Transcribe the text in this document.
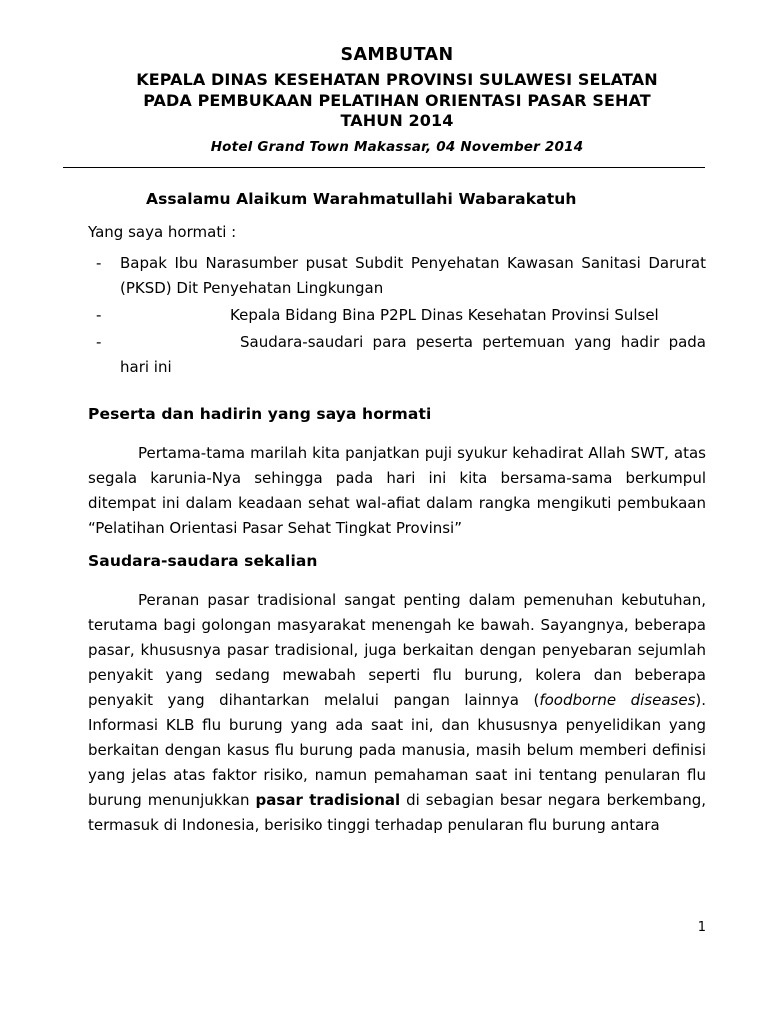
SAMBUTAN
KEPALA DINAS KESEHATAN PROVINSI SULAWESI SELATAN
PADA PEMBUKAAN PELATIHAN ORIENTASI PASAR SEHAT
TAHUN 2014
Hotel Grand Town Makassar, 04 November 2014
Assalamu Alaikum Warahmatullahi Wabarakatuh
Yang saya hormati :
- Bapak Ibu Narasumber pusat Subdit Penyehatan Kawasan Sanitasi Darurat (PKSD) Dit Penyehatan Lingkungan
-	Kepala Bidang Bina P2PL Dinas Kesehatan Provinsi Sulsel
-	Saudara-saudari para peserta pertemuan yang hadir pada hari ini
Peserta dan hadirin yang saya hormati
Pertama-tama marilah kita panjatkan puji syukur kehadirat Allah SWT, atas segala karunia-Nya sehingga pada hari ini kita bersama-sama berkumpul ditempat ini dalam keadaan sehat wal-afiat dalam rangka mengikuti pembukaan “Pelatihan Orientasi Pasar Sehat Tingkat Provinsi”
Saudara-saudara sekalian
Peranan pasar tradisional sangat penting dalam pemenuhan kebutuhan, terutama bagi golongan masyarakat menengah ke bawah. Sayangnya, beberapa pasar, khususnya pasar tradisional, juga berkaitan dengan penyebaran sejumlah penyakit yang sedang mewabah seperti flu burung, kolera dan beberapa penyakit yang dihantarkan melalui pangan lainnya (foodborne diseases). Informasi KLB flu burung yang ada saat ini, dan khususnya penyelidikan yang berkaitan dengan kasus flu burung pada manusia, masih belum memberi definisi yang jelas atas faktor risiko, namun pemahaman saat ini tentang penularan flu burung menunjukkan pasar tradisional di sebagian besar negara berkembang, termasuk di Indonesia, berisiko tinggi terhadap penularan flu burung antara
1
